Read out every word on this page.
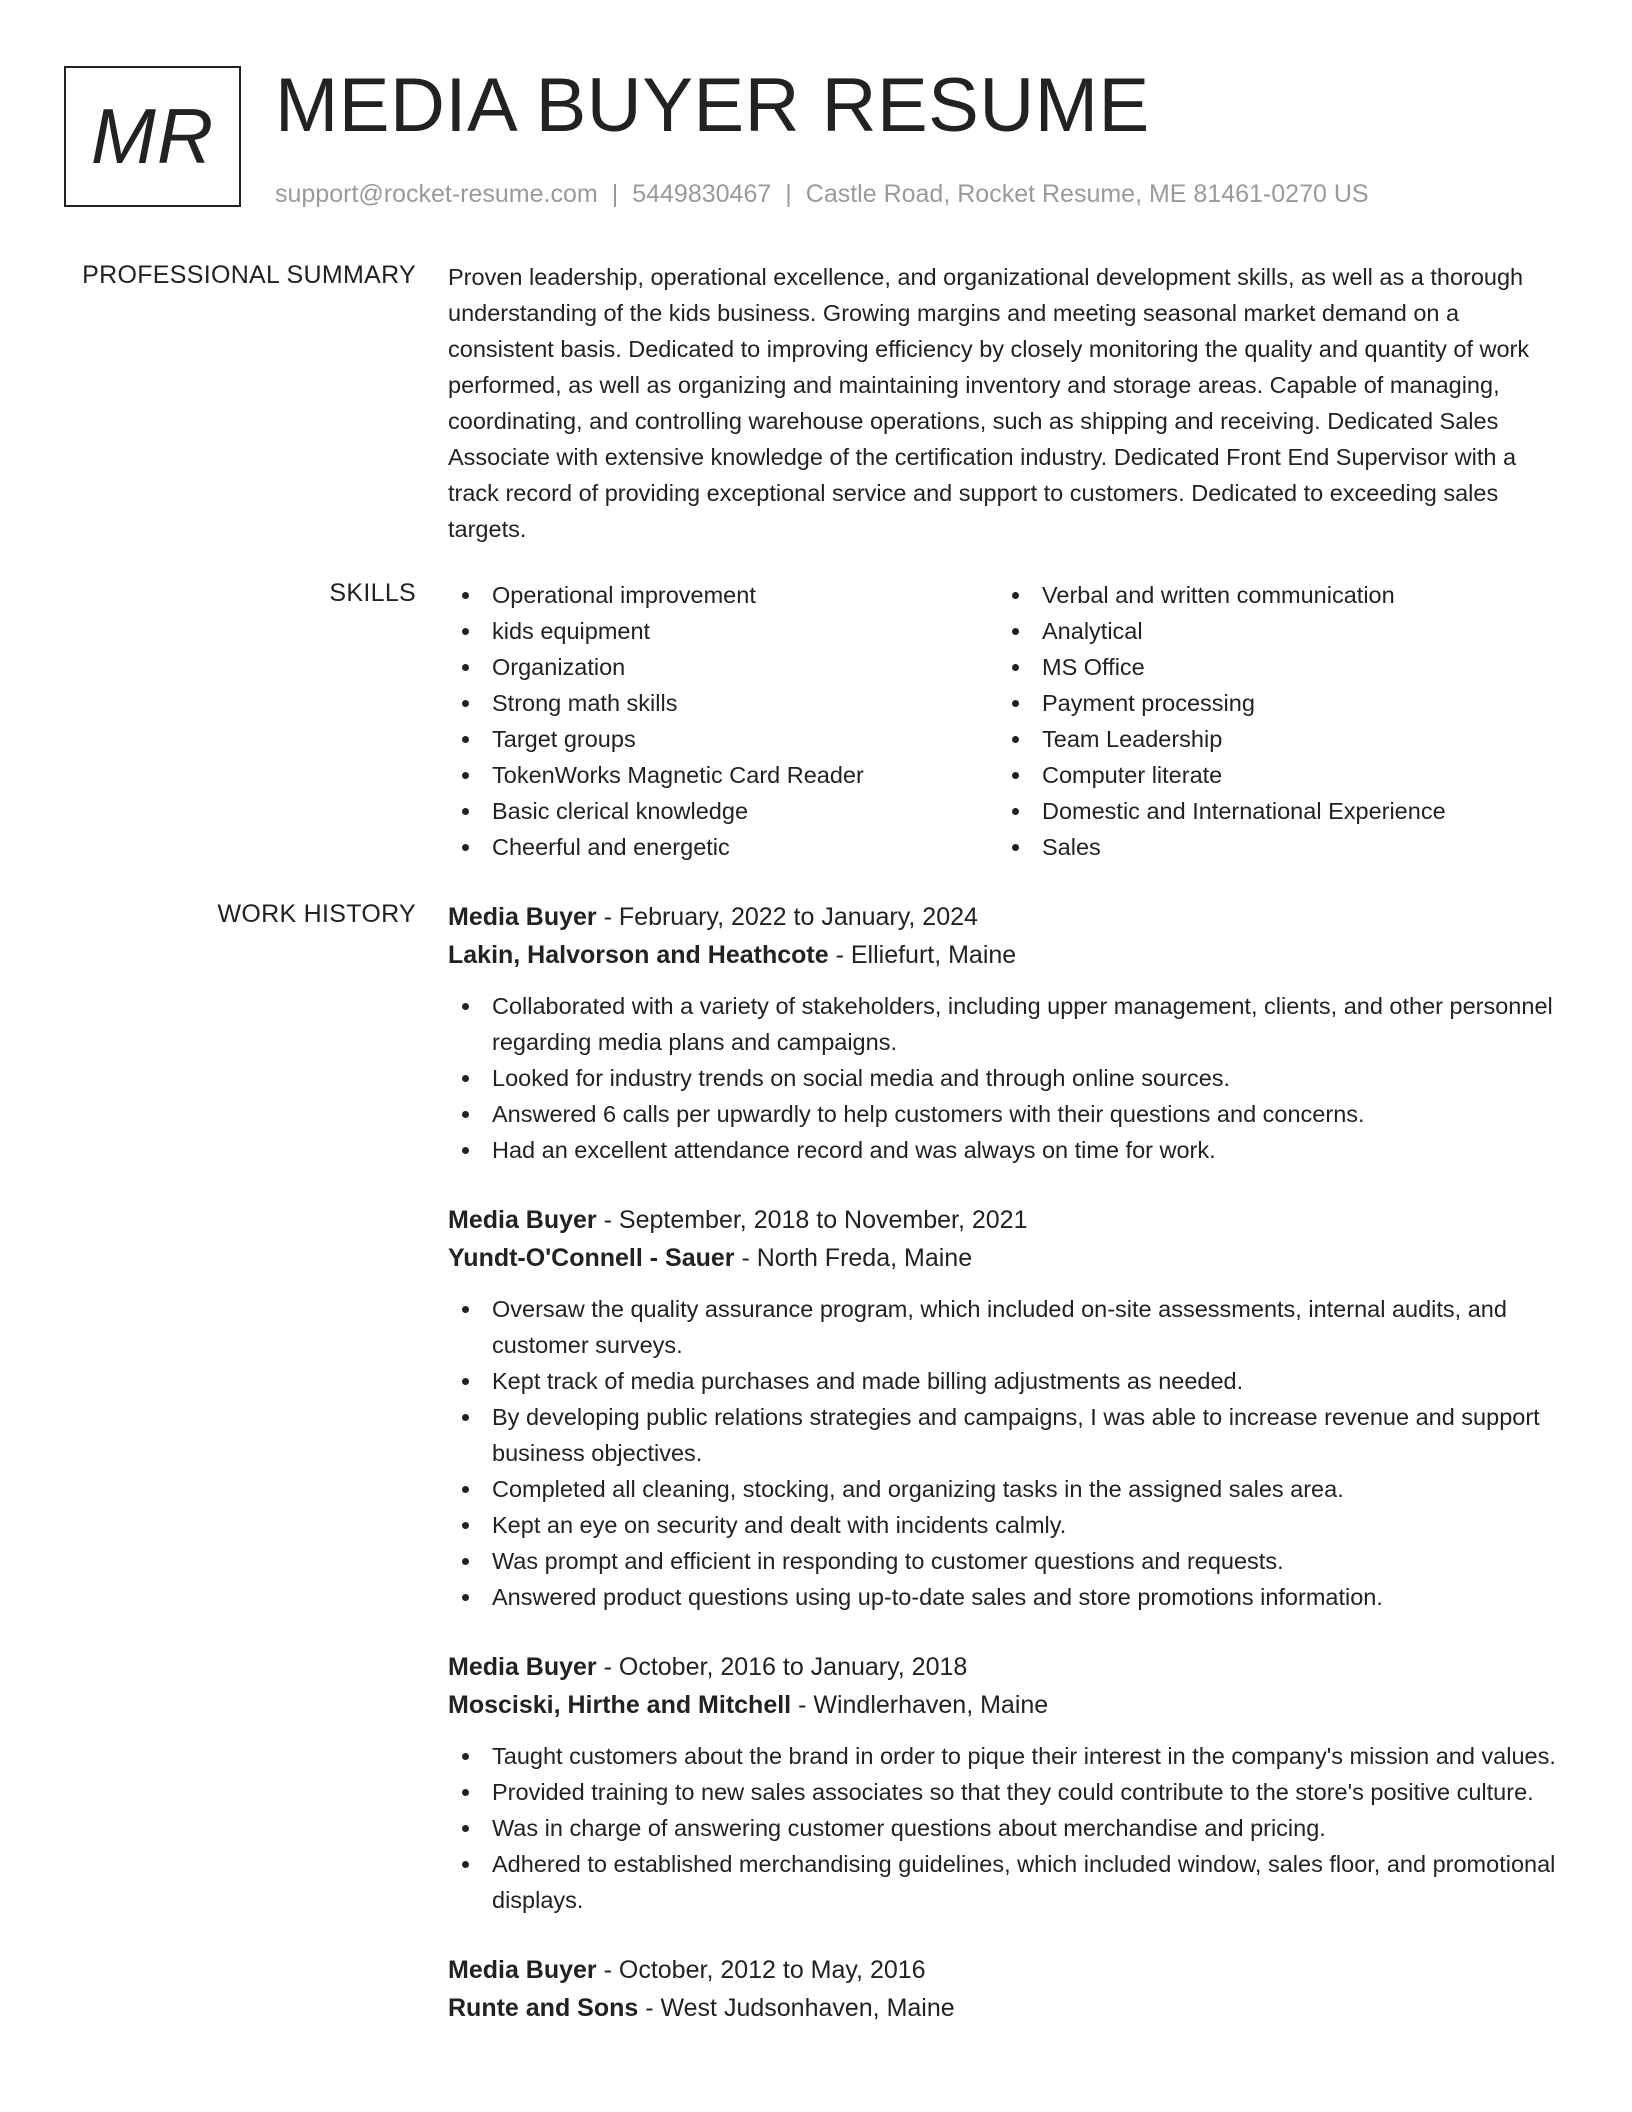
MR MEDIA BUYER RESUME
support@rocket-resume.com | 5449830467 | Castle Road, Rocket Resume, ME 81461-0270 US
PROFESSIONAL SUMMARY Proven leadership, operational excellence, and organizational development skills, as well as a thorough understanding of the kids business. Growing margins and meeting seasonal market demand on a consistent basis. Dedicated to improving efficiency by closely monitoring the quality and quantity of work performed, as well as organizing and maintaining inventory and storage areas. Capable of managing, coordinating, and controlling warehouse operations, such as shipping and receiving. Dedicated Sales Associate with extensive knowledge of the certification industry. Dedicated Front End Supervisor with a track record of providing exceptional service and support to customers. Dedicated to exceeding sales targets.

SKILLS	Operational improvement
kids equipment
Organization
Strong math skills
Target groups
TokenWorks Magnetic Card Reader
Basic clerical knowledge
Cheerful and energetic
Verbal and written communication
Analytical
MS Office
Payment processing
Team Leadership
Computer literate
Domestic and International Experience
Sales
WORK HISTORY Media Buyer - February, 2022 to January, 2024
Lakin, Halvorson and Heathcote - Elliefurt, Maine
Collaborated with a variety of stakeholders, including upper management, clients, and other personnel regarding media plans and campaigns.
Looked for industry trends on social media and through online sources.
Answered 6 calls per upwardly to help customers with their questions and concerns.
Had an excellent attendance record and was always on time for work.
Media Buyer - September, 2018 to November, 2021
Yundt-O'Connell - Sauer - North Freda, Maine
Oversaw the quality assurance program, which included on-site assessments, internal audits, and customer surveys.
Kept track of media purchases and made billing adjustments as needed.
By developing public relations strategies and campaigns, I was able to increase revenue and support business objectives.
Completed all cleaning, stocking, and organizing tasks in the assigned sales area.
Kept an eye on security and dealt with incidents calmly.
Was prompt and efficient in responding to customer questions and requests.
Answered product questions using up-to-date sales and store promotions information.
Media Buyer - October, 2016 to January, 2018
Mosciski, Hirthe and Mitchell - Windlerhaven, Maine
Taught customers about the brand in order to pique their interest in the company's mission and values.
Provided training to new sales associates so that they could contribute to the store's positive culture.
Was in charge of answering customer questions about merchandise and pricing.
Adhered to established merchandising guidelines, which included window, sales floor, and promotional displays.
Media Buyer - October, 2012 to May, 2016
Runte and Sons - West Judsonhaven, Maine
